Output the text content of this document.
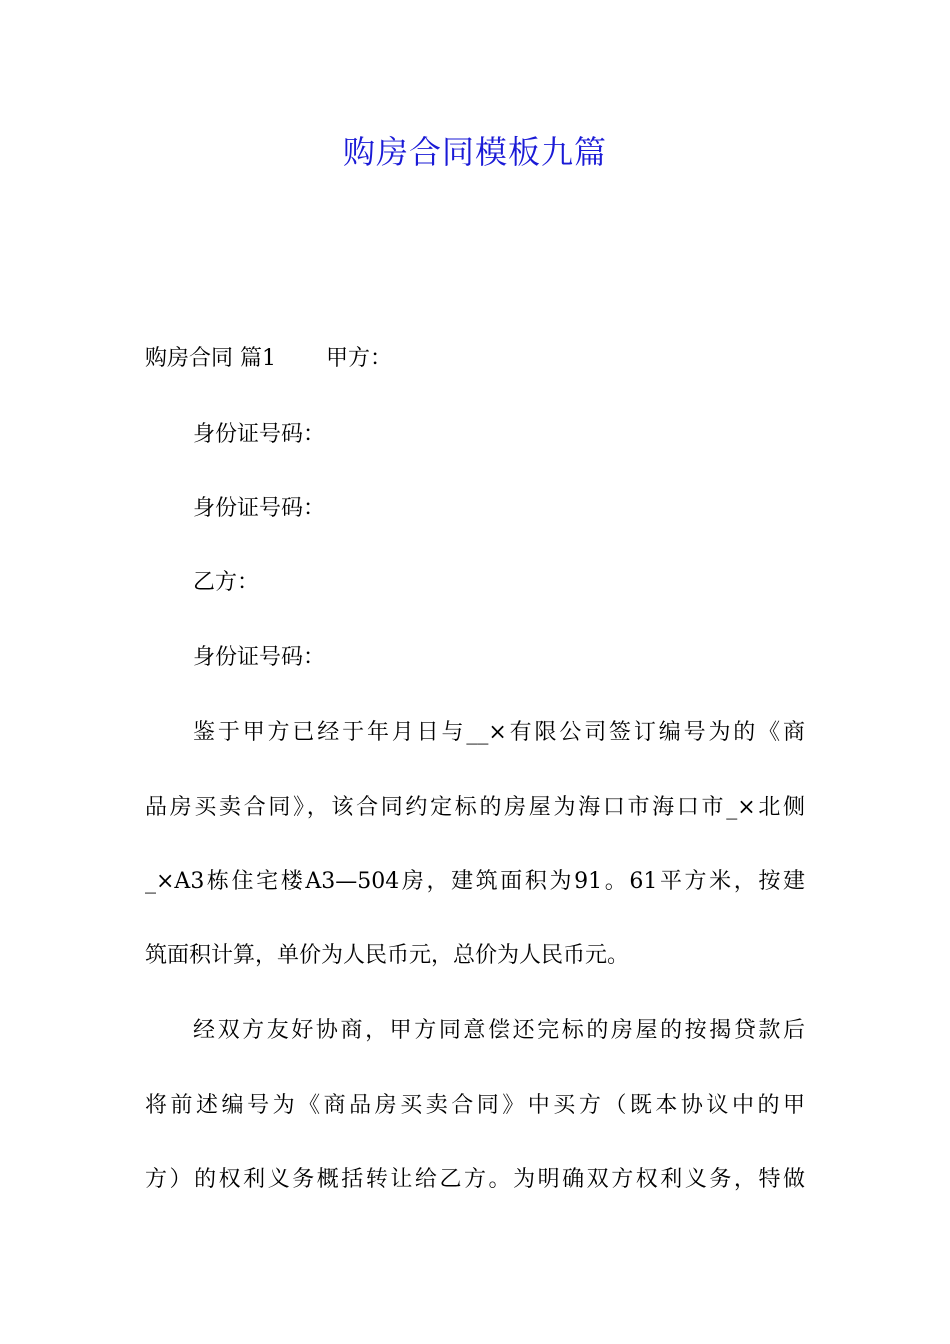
购房合同模板九篇
购房合同 篇1 甲方：
身份证号码：
身份证号码：
乙方：
身份证号码：
鉴于甲方已经于年月日与__×有限公司签订编号为的《商
品房买卖合同》，该合同约定标的房屋为海口市海口市_×北侧
_×A3栋住宅楼A3—504房，建筑面积为91。61平方米，按建
筑面积计算，单价为人民币元，总价为人民币元。
经双方友好协商，甲方同意偿还完标的房屋的按揭贷款后
将前述编号为《商品房买卖合同》中买方（既本协议中的甲
方）的权利义务概括转让给乙方。为明确双方权利义务，特做
